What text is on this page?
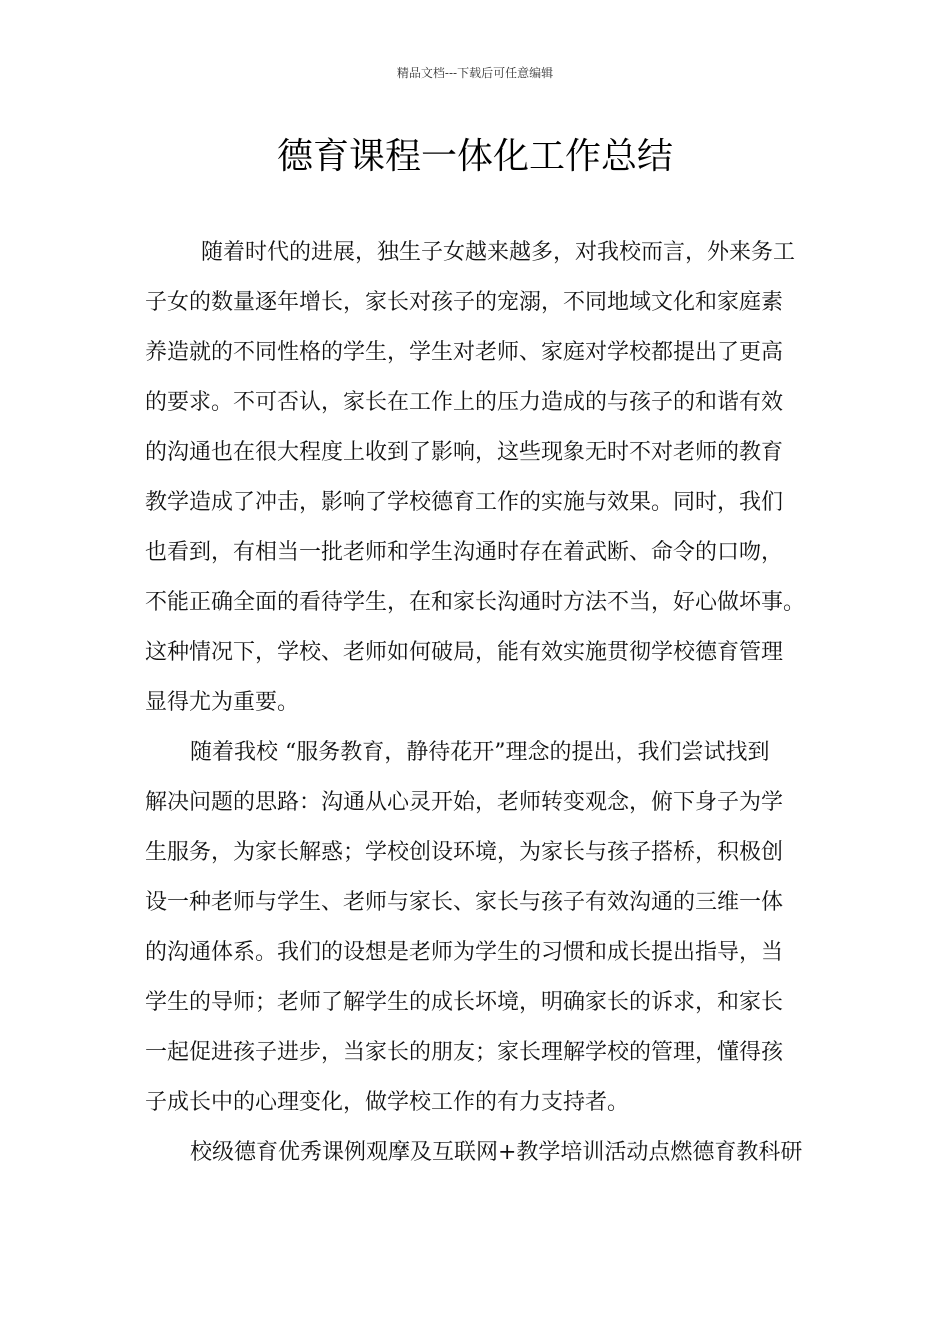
精品文档---下载后可任意编辑
德育课程一体化工作总结
随着时代的进展，独生子女越来越多，对我校而言，外来务工
子女的数量逐年增长，家长对孩子的宠溺，不同地域文化和家庭素
养造就的不同性格的学生，学生对老师、家庭对学校都提出了更高
的要求。不可否认，家长在工作上的压力造成的与孩子的和谐有效
的沟通也在很大程度上收到了影响，这些现象无时不对老师的教育
教学造成了冲击，影响了学校德育工作的实施与效果。同时，我们
也看到，有相当一批老师和学生沟通时存在着武断、命令的口吻，
不能正确全面的看待学生，在和家长沟通时方法不当，好心做坏事。
这种情况下，学校、老师如何破局，能有效实施贯彻学校德育管理
显得尤为重要。
随着我校 “服务教育，静待花开”理念的提出，我们尝试找到
解决问题的思路：沟通从心灵开始，老师转变观念，俯下身子为学
生服务，为家长解惑；学校创设环境，为家长与孩子搭桥，积极创
设一种老师与学生、老师与家长、家长与孩子有效沟通的三维一体
的沟通体系。我们的设想是老师为学生的习惯和成长提出指导，当
学生的导师；老师了解学生的成长坏境，明确家长的诉求，和家长
一起促进孩子进步，当家长的朋友；家长理解学校的管理，懂得孩
子成长中的心理变化，做学校工作的有力支持者。
校级德育优秀课例观摩及互联网+教学培训活动点燃德育教科研
